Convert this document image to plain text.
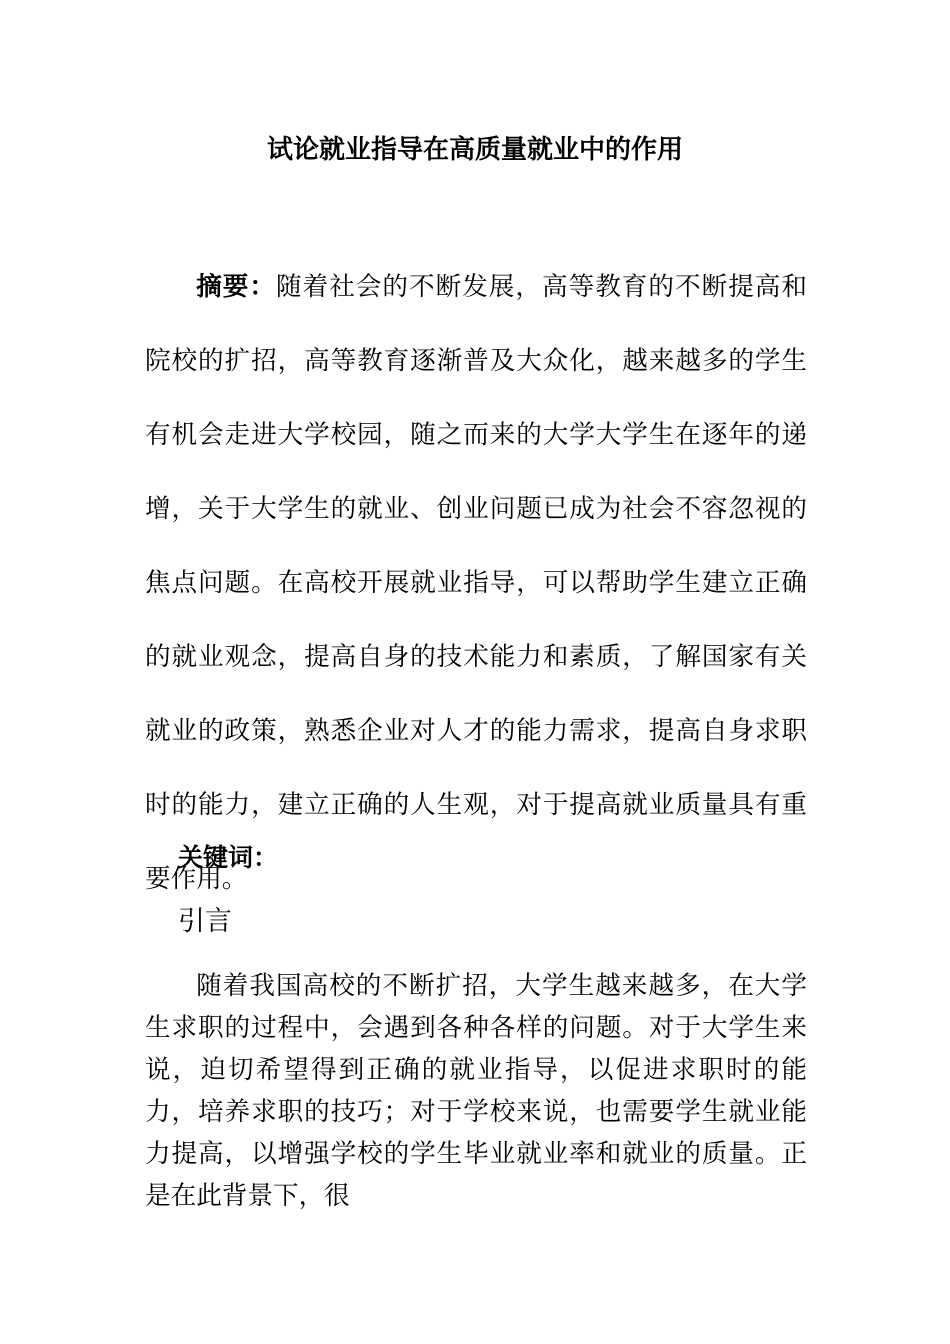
试论就业指导在高质量就业中的作用

摘要：随着社会的不断发展，高等教育的不断提高和院校的扩招，高等教育逐渐普及大众化，越来越多的学生有机会走进大学校园，随之而来的大学大学生在逐年的递增，关于大学生的就业、创业问题已成为社会不容忽视的焦点问题。在高校开展就业指导，可以帮助学生建立正确的就业观念，提高自身的技术能力和素质，了解国家有关就业的政策，熟悉企业对人才的能力需求，提高自身求职时的能力，建立正确的人生观，对于提高就业质量具有重要作用。

关键词：

引言

随着我国高校的不断扩招，大学生越来越多，在大学生求职的过程中，会遇到各种各样的问题。对于大学生来说，迫切希望得到正确的就业指导，以促进求职时的能力，培养求职的技巧；对于学校来说，也需要学生就业能力提高，以增强学校的学生毕业就业率和就业的质量。正是在此背景下，很
